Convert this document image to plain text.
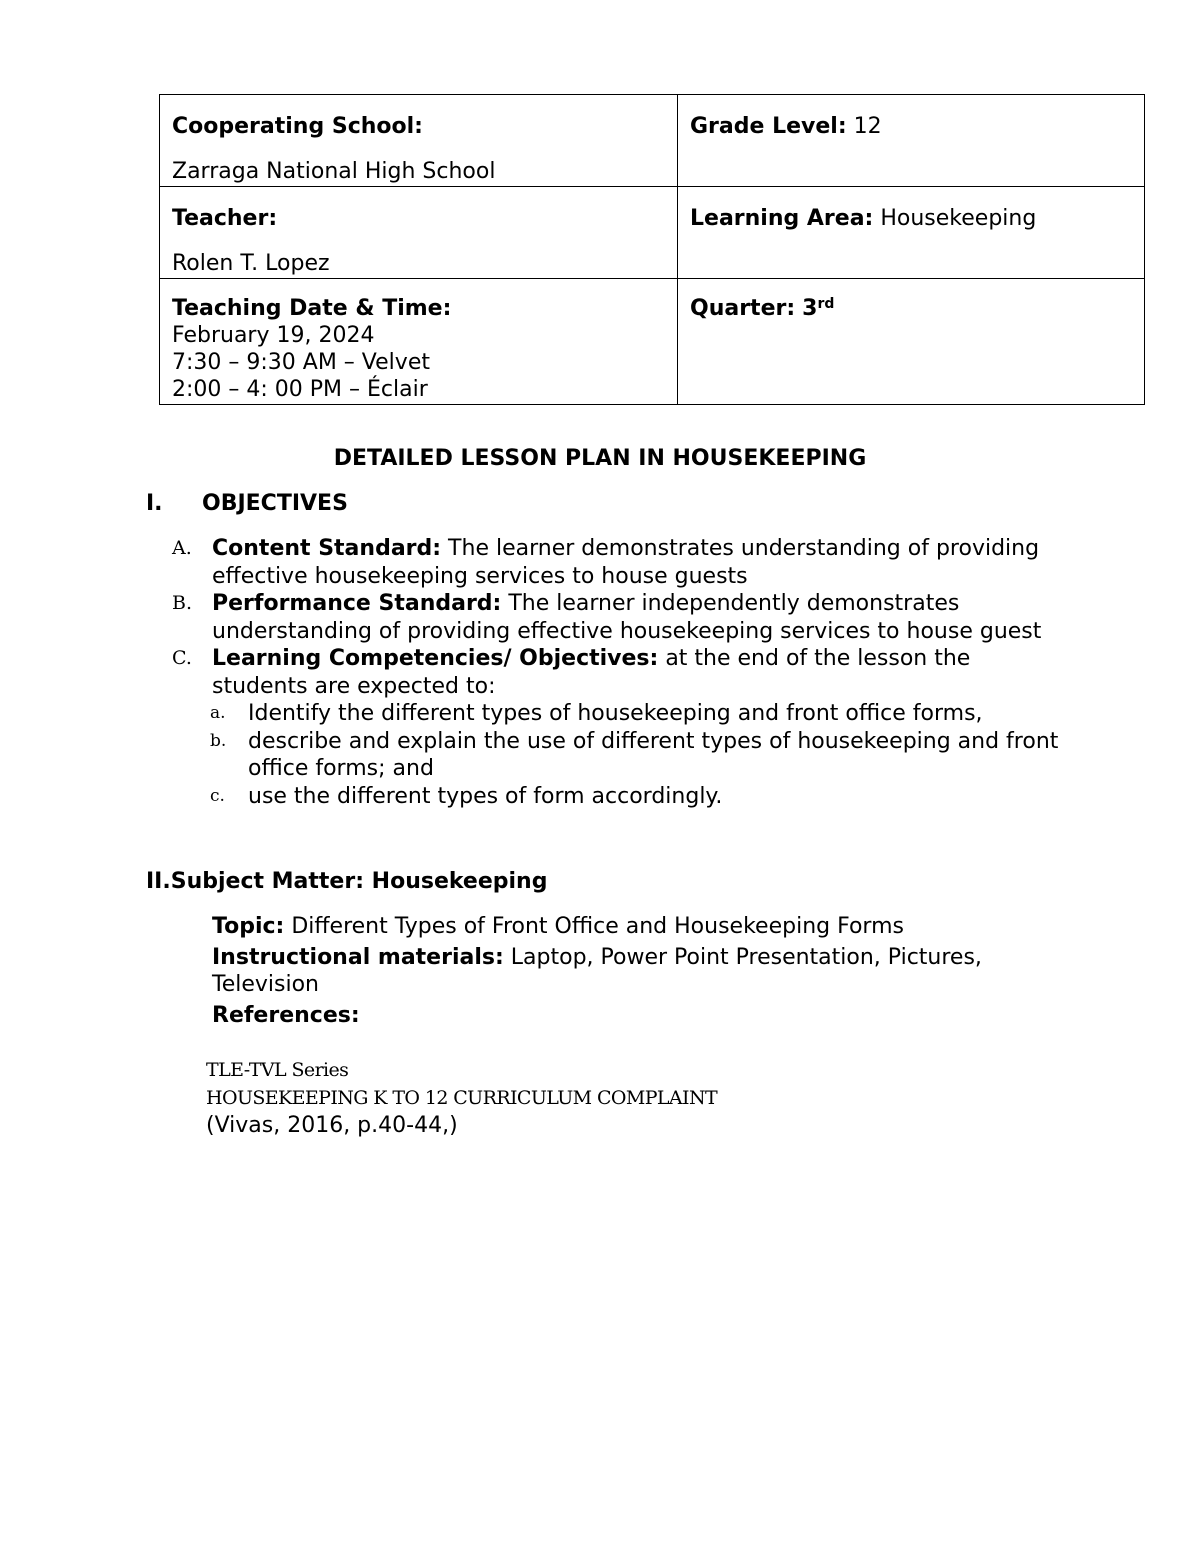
Cooperating School:
Zarraga National High School	Grade Level: 12

Teacher:
Rolen T. Lopez	Learning Area: Housekeeping

Teaching Date & Time:
February 19, 2024
7:30 – 9:30 AM – Velvet
2:00 – 4: 00 PM – Éclair	Quarter: 3rd
DETAILED LESSON PLAN IN HOUSEKEEPING
I. OBJECTIVES
A. Content Standard: The learner demonstrates understanding of providing effective housekeeping services to house guests
B. Performance Standard: The learner independently demonstrates understanding of providing effective housekeeping services to house guest
C. Learning Competencies/ Objectives: at the end of the lesson the students are expected to:
a.	Identify the different types of housekeeping and front office forms,
b. describe and explain the use of different types of housekeeping and front office forms; and
c.	use the different types of form accordingly.
II.Subject Matter: Housekeeping
Topic: Different Types of Front Office and Housekeeping Forms
Instructional materials: Laptop, Power Point Presentation, Pictures, Television
References:
TLE-TVL Series
HOUSEKEEPING K TO 12 CURRICULUM COMPLAINT
(Vivas, 2016, p.40-44,)
